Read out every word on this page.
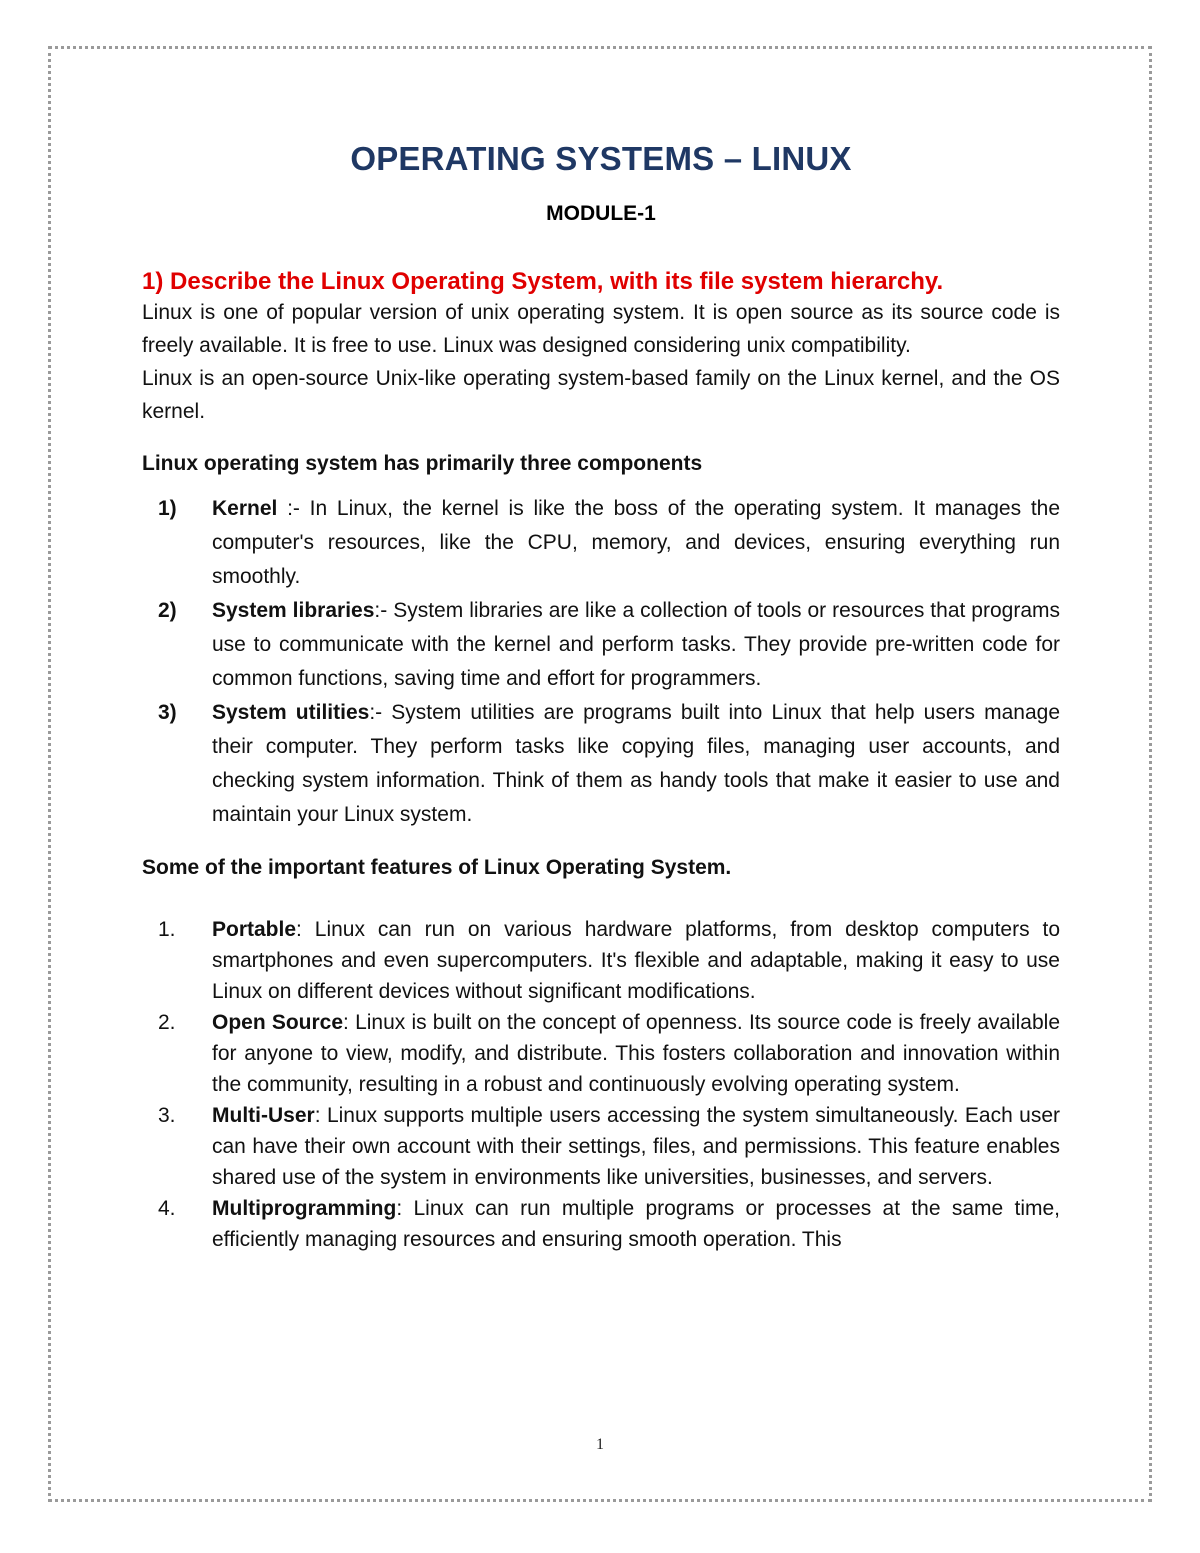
OPERATING SYSTEMS – LINUX
MODULE-1
1) Describe the Linux Operating System, with its file system hierarchy.

Linux is one of popular version of unix operating system. It is open source as its source code is freely available. It is free to use. Linux was designed considering unix compatibility.

Linux is an open-source Unix-like operating system-based family on the Linux kernel, and the OS kernel.

Linux operating system has primarily three components
1) Kernel :- In Linux, the kernel is like the boss of the operating system. It manages the computer's resources, like the CPU, memory, and devices, ensuring everything run smoothly.
2) System libraries:- System libraries are like a collection of tools or resources that programs use to communicate with the kernel and perform tasks. They provide pre-written code for common functions, saving time and effort for programmers.
3) System utilities:- System utilities are programs built into Linux that help users manage their computer. They perform tasks like copying files, managing user accounts, and checking system information. Think of them as handy tools that make it easier to use and maintain your Linux system.
Some of the important features of Linux Operating System.
1. Portable: Linux can run on various hardware platforms, from desktop computers to smartphones and even supercomputers. It's flexible and adaptable, making it easy to use Linux on different devices without significant modifications.
2. Open Source: Linux is built on the concept of openness. Its source code is freely available for anyone to view, modify, and distribute. This fosters collaboration and innovation within the community, resulting in a robust and continuously evolving operating system.
3. Multi-User: Linux supports multiple users accessing the system simultaneously. Each user can have their own account with their settings, files, and permissions. This feature enables shared use of the system in environments like universities, businesses, and servers.
4. Multiprogramming: Linux can run multiple programs or processes at the same time, efficiently managing resources and ensuring smooth operation. This
1
